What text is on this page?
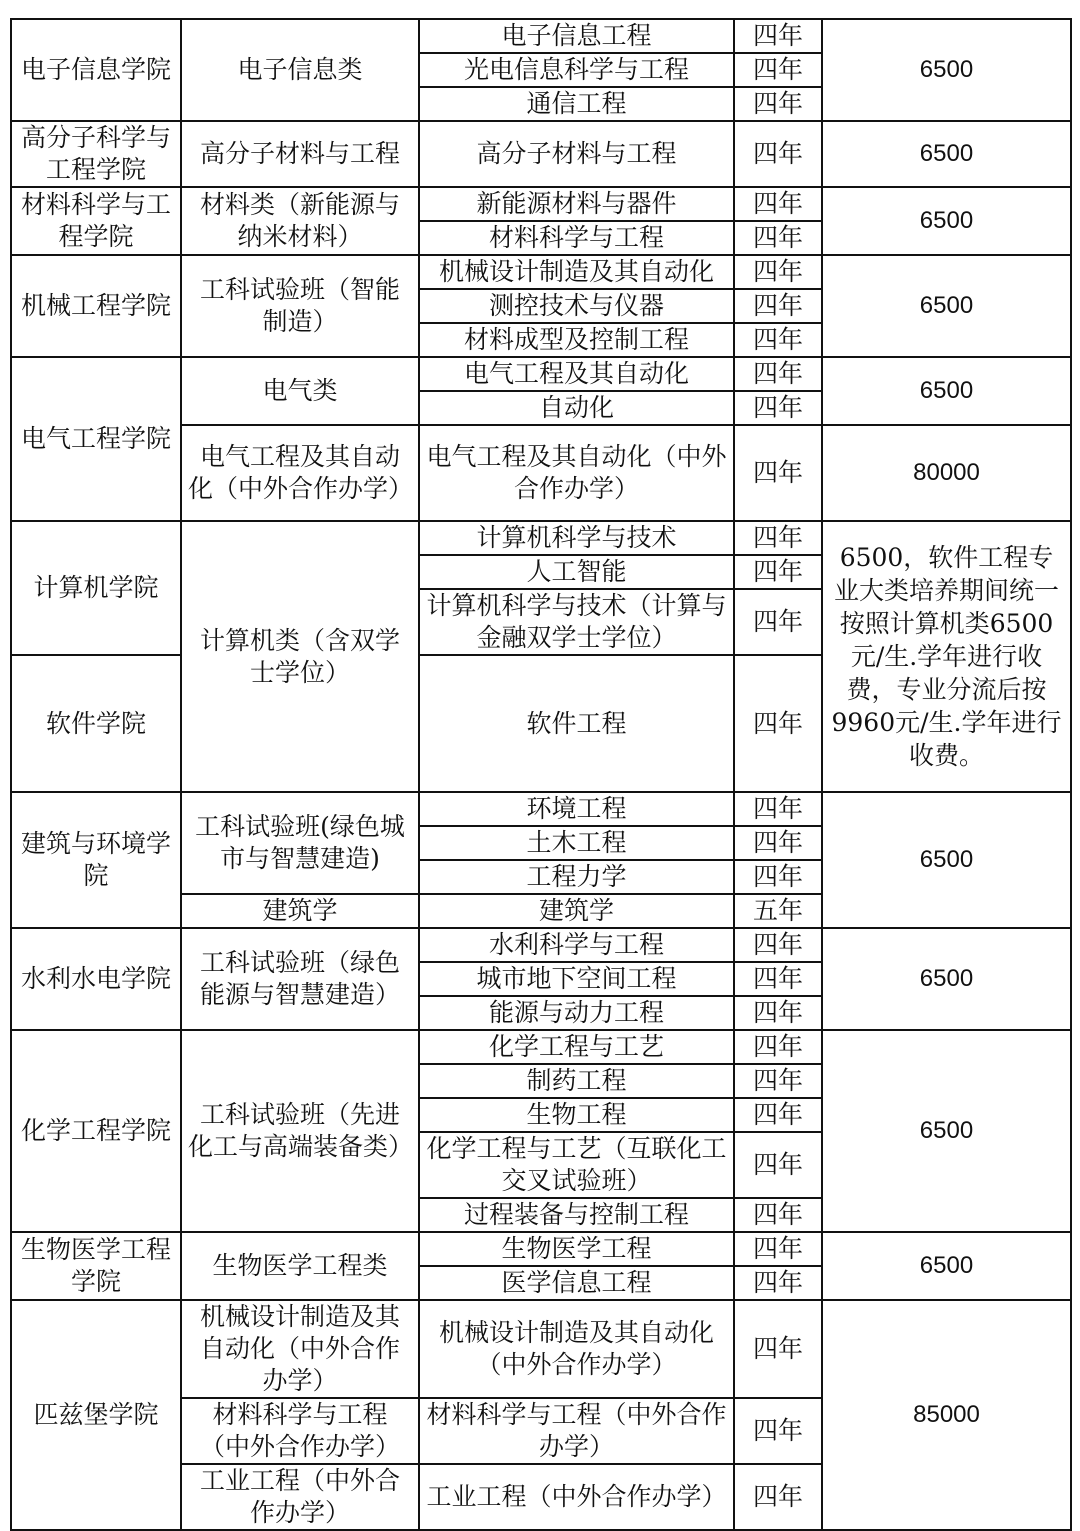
电子信息学院	电子信息类	电子信息工程	四年	6500
		光电信息科学与工程	四年	
		通信工程	四年	
高分子科学与工程学院	高分子材料与工程	高分子材料与工程	四年	6500
材料科学与工程学院	材料类（新能源与纳米材料）	新能源材料与器件	四年	6500
		材料科学与工程	四年	
机械工程学院	工科试验班（智能制造）	机械设计制造及其自动化	四年	6500
		测控技术与仪器	四年	
		材料成型及控制工程	四年	
电气工程学院	电气类	电气工程及其自动化	四年	6500
		自动化	四年	
	电气工程及其自动化（中外合作办学）	电气工程及其自动化（中外合作办学）	四年	80000
计算机学院	计算机类（含双学士学位）	计算机科学与技术	四年	6500，软件工程专业大类培养期间统一按照计算机类6500元/生.学年进行收费，专业分流后按9960元/生.学年进行收费。
		人工智能	四年	
		计算机科学与技术（计算与金融双学士学位）	四年	
软件学院		软件工程	四年	
建筑与环境学院	工科试验班(绿色城市与智慧建造)	环境工程	四年	6500
		土木工程	四年	
		工程力学	四年	
	建筑学	建筑学	五年	
水利水电学院	工科试验班（绿色能源与智慧建造）	水利科学与工程	四年	6500
		城市地下空间工程	四年	
		能源与动力工程	四年	
化学工程学院	工科试验班（先进化工与高端装备类）	化学工程与工艺	四年	6500
		制药工程	四年	
		生物工程	四年	
		化学工程与工艺（互联化工交叉试验班）	四年	
		过程装备与控制工程	四年	
生物医学工程学院	生物医学工程类	生物医学工程	四年	6500
		医学信息工程	四年	
匹兹堡学院	机械设计制造及其自动化（中外合作办学）	机械设计制造及其自动化（中外合作办学）	四年	85000
	材料科学与工程（中外合作办学）	材料科学与工程（中外合作办学）	四年	
	工业工程（中外合作办学）	工业工程（中外合作办学）	四年	
